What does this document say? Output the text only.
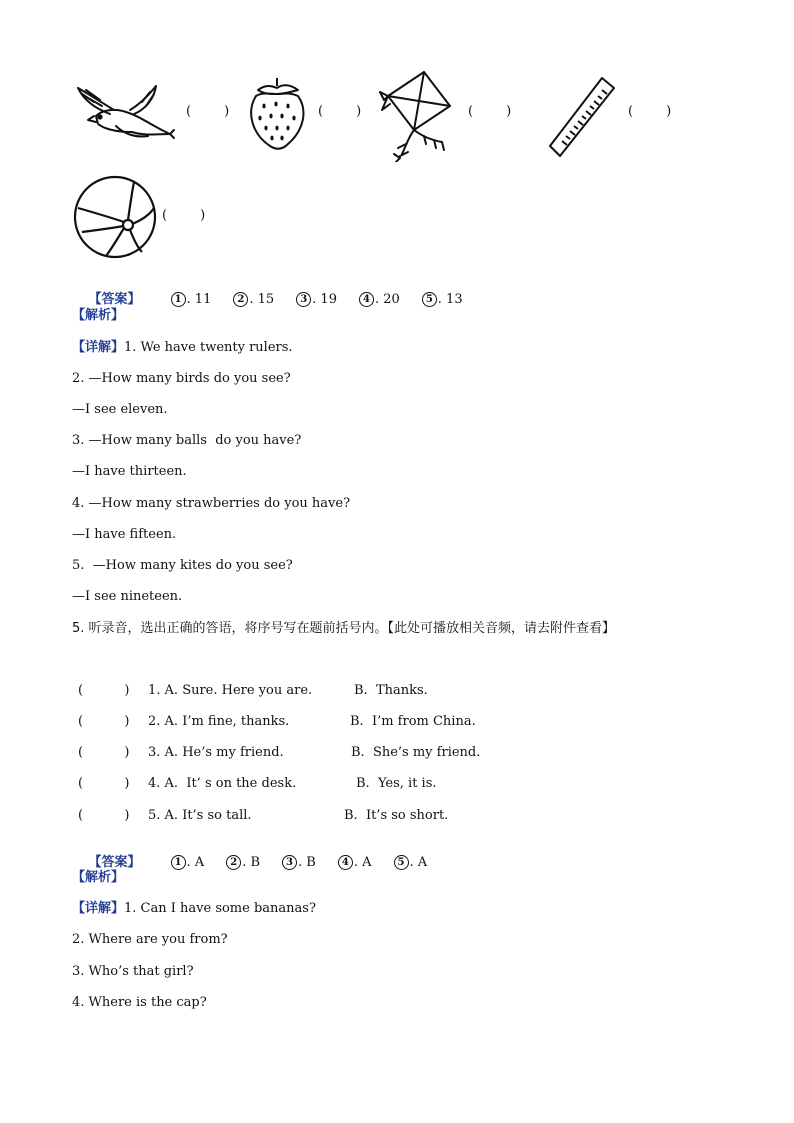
(        )	(        )	(        )	(        )
(        )

【答案】	1 . 11	2 . 15	3 . 19	4 . 20	5 . 13

【解析】
【详解】1. We have twenty rulers.
2. —How many birds do you see?
—I see eleven.
3. —How many balls  do you have?
—I have thirteen.
4. —How many strawberries do you have?
—I have fifteen.
5.  —How many kites do you see?
—I see nineteen.
5. 听录音，选出正确的答语，将序号写在题前括号内。【此处可播放相关音频，请去附件查看】
(          ) 1. A. Sure. Here you are.	B.  Thanks.
(          ) 2. A. I’m fine, thanks.	B.  I’m from China.
(          ) 3. A. He’s my friend.	B.  She’s my friend.
(          ) 4. A.  It’ s on the desk.	B.  Yes, it is.
(          ) 5. A. It’s so tall.	B.  It’s so short.

【答案】	1 . A	2 . B	3 . B	4 . A	5 . A

【解析】
【详解】1. Can I have some bananas?
2. Where are you from?
3. Who’s that girl?
4. Where is the cap?
